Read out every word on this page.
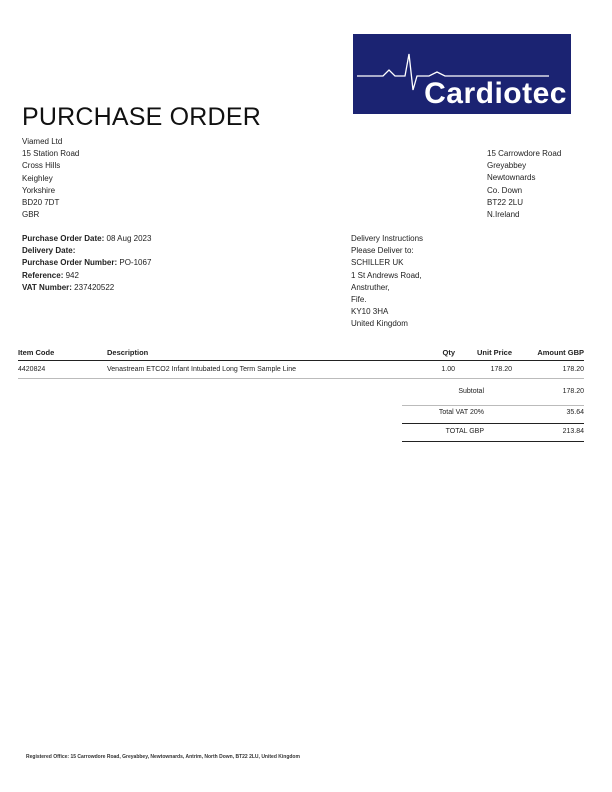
Cardiotec
PURCHASE ORDER
Viamed Ltd
15 Station Road
Cross Hills
Keighley
Yorkshire
BD20 7DT
GBR
15 Carrowdore Road
Greyabbey
Newtownards
Co. Down
BT22 2LU
N.Ireland
Purchase Order Date: 08 Aug 2023
Delivery Date:
Purchase Order Number: PO-1067
Reference: 942
VAT Number: 237420522
Delivery Instructions
Please Deliver to:
SCHILLER UK
1 St Andrews Road,
Anstruther,
Fife.
KY10 3HA
United Kingdom
Item Code	Description	Qty	Unit Price	Amount GBP
4420824	Venastream ETCO2 Infant Intubated Long Term Sample Line	1.00	178.20	178.20
Subtotal	178.20
Total VAT 20%	35.64
TOTAL GBP	213.84
Registered Office: 15 Carrowdore Road, Greyabbey, Newtownards, Antrim, North Down, BT22 2LU, United Kingdom
